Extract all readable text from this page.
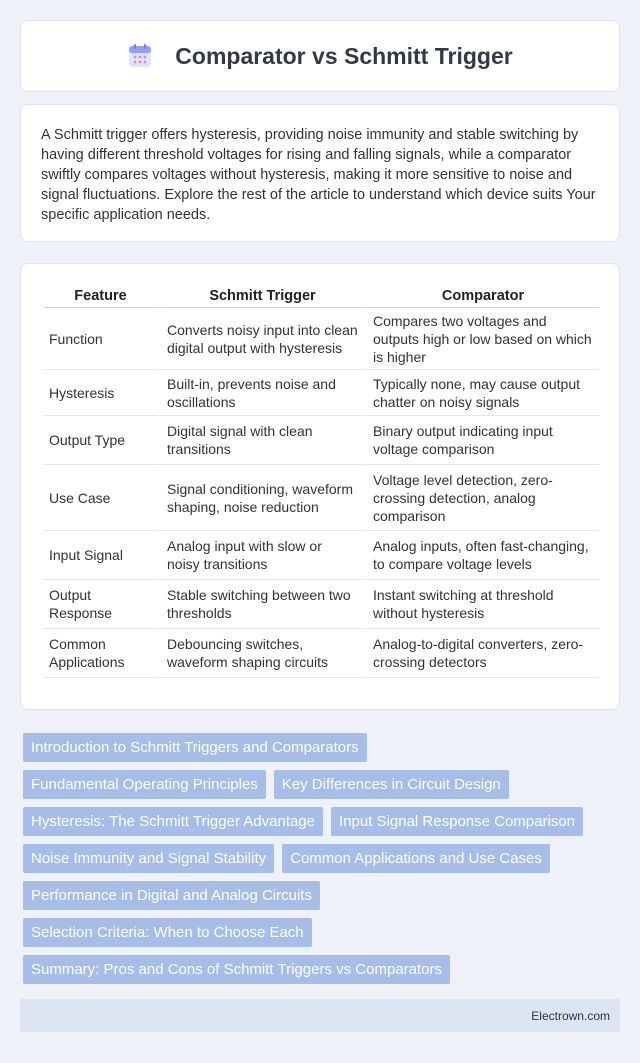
Comparator vs Schmitt Trigger

A Schmitt trigger offers hysteresis, providing noise immunity and stable switching by having different threshold voltages for rising and falling signals, while a comparator swiftly compares voltages without hysteresis, making it more sensitive to noise and signal fluctuations. Explore the rest of the article to understand which device suits Your specific application needs.

Feature	Schmitt Trigger	Comparator
Function	Converts noisy input into clean digital output with hysteresis	Compares two voltages and outputs high or low based on which is higher
Hysteresis	Built-in, prevents noise and oscillations	Typically none, may cause output chatter on noisy signals
Output Type	Digital signal with clean transitions	Binary output indicating input voltage comparison
Use Case	Signal conditioning, waveform shaping, noise reduction	Voltage level detection, zero-crossing detection, analog comparison
Input Signal	Analog input with slow or noisy transitions	Analog inputs, often fast-changing, to compare voltage levels
Output Response	Stable switching between two thresholds	Instant switching at threshold without hysteresis
Common Applications	Debouncing switches, waveform shaping circuits	Analog-to-digital converters, zero-crossing detectors
Introduction to Schmitt Triggers and Comparators
Fundamental Operating Principles	Key Differences in Circuit Design
Hysteresis: The Schmitt Trigger Advantage	Input Signal Response Comparison
Noise Immunity and Signal Stability	Common Applications and Use Cases
Performance in Digital and Analog Circuits
Selection Criteria: When to Choose Each
Summary: Pros and Cons of Schmitt Triggers vs Comparators
Electrown.com
